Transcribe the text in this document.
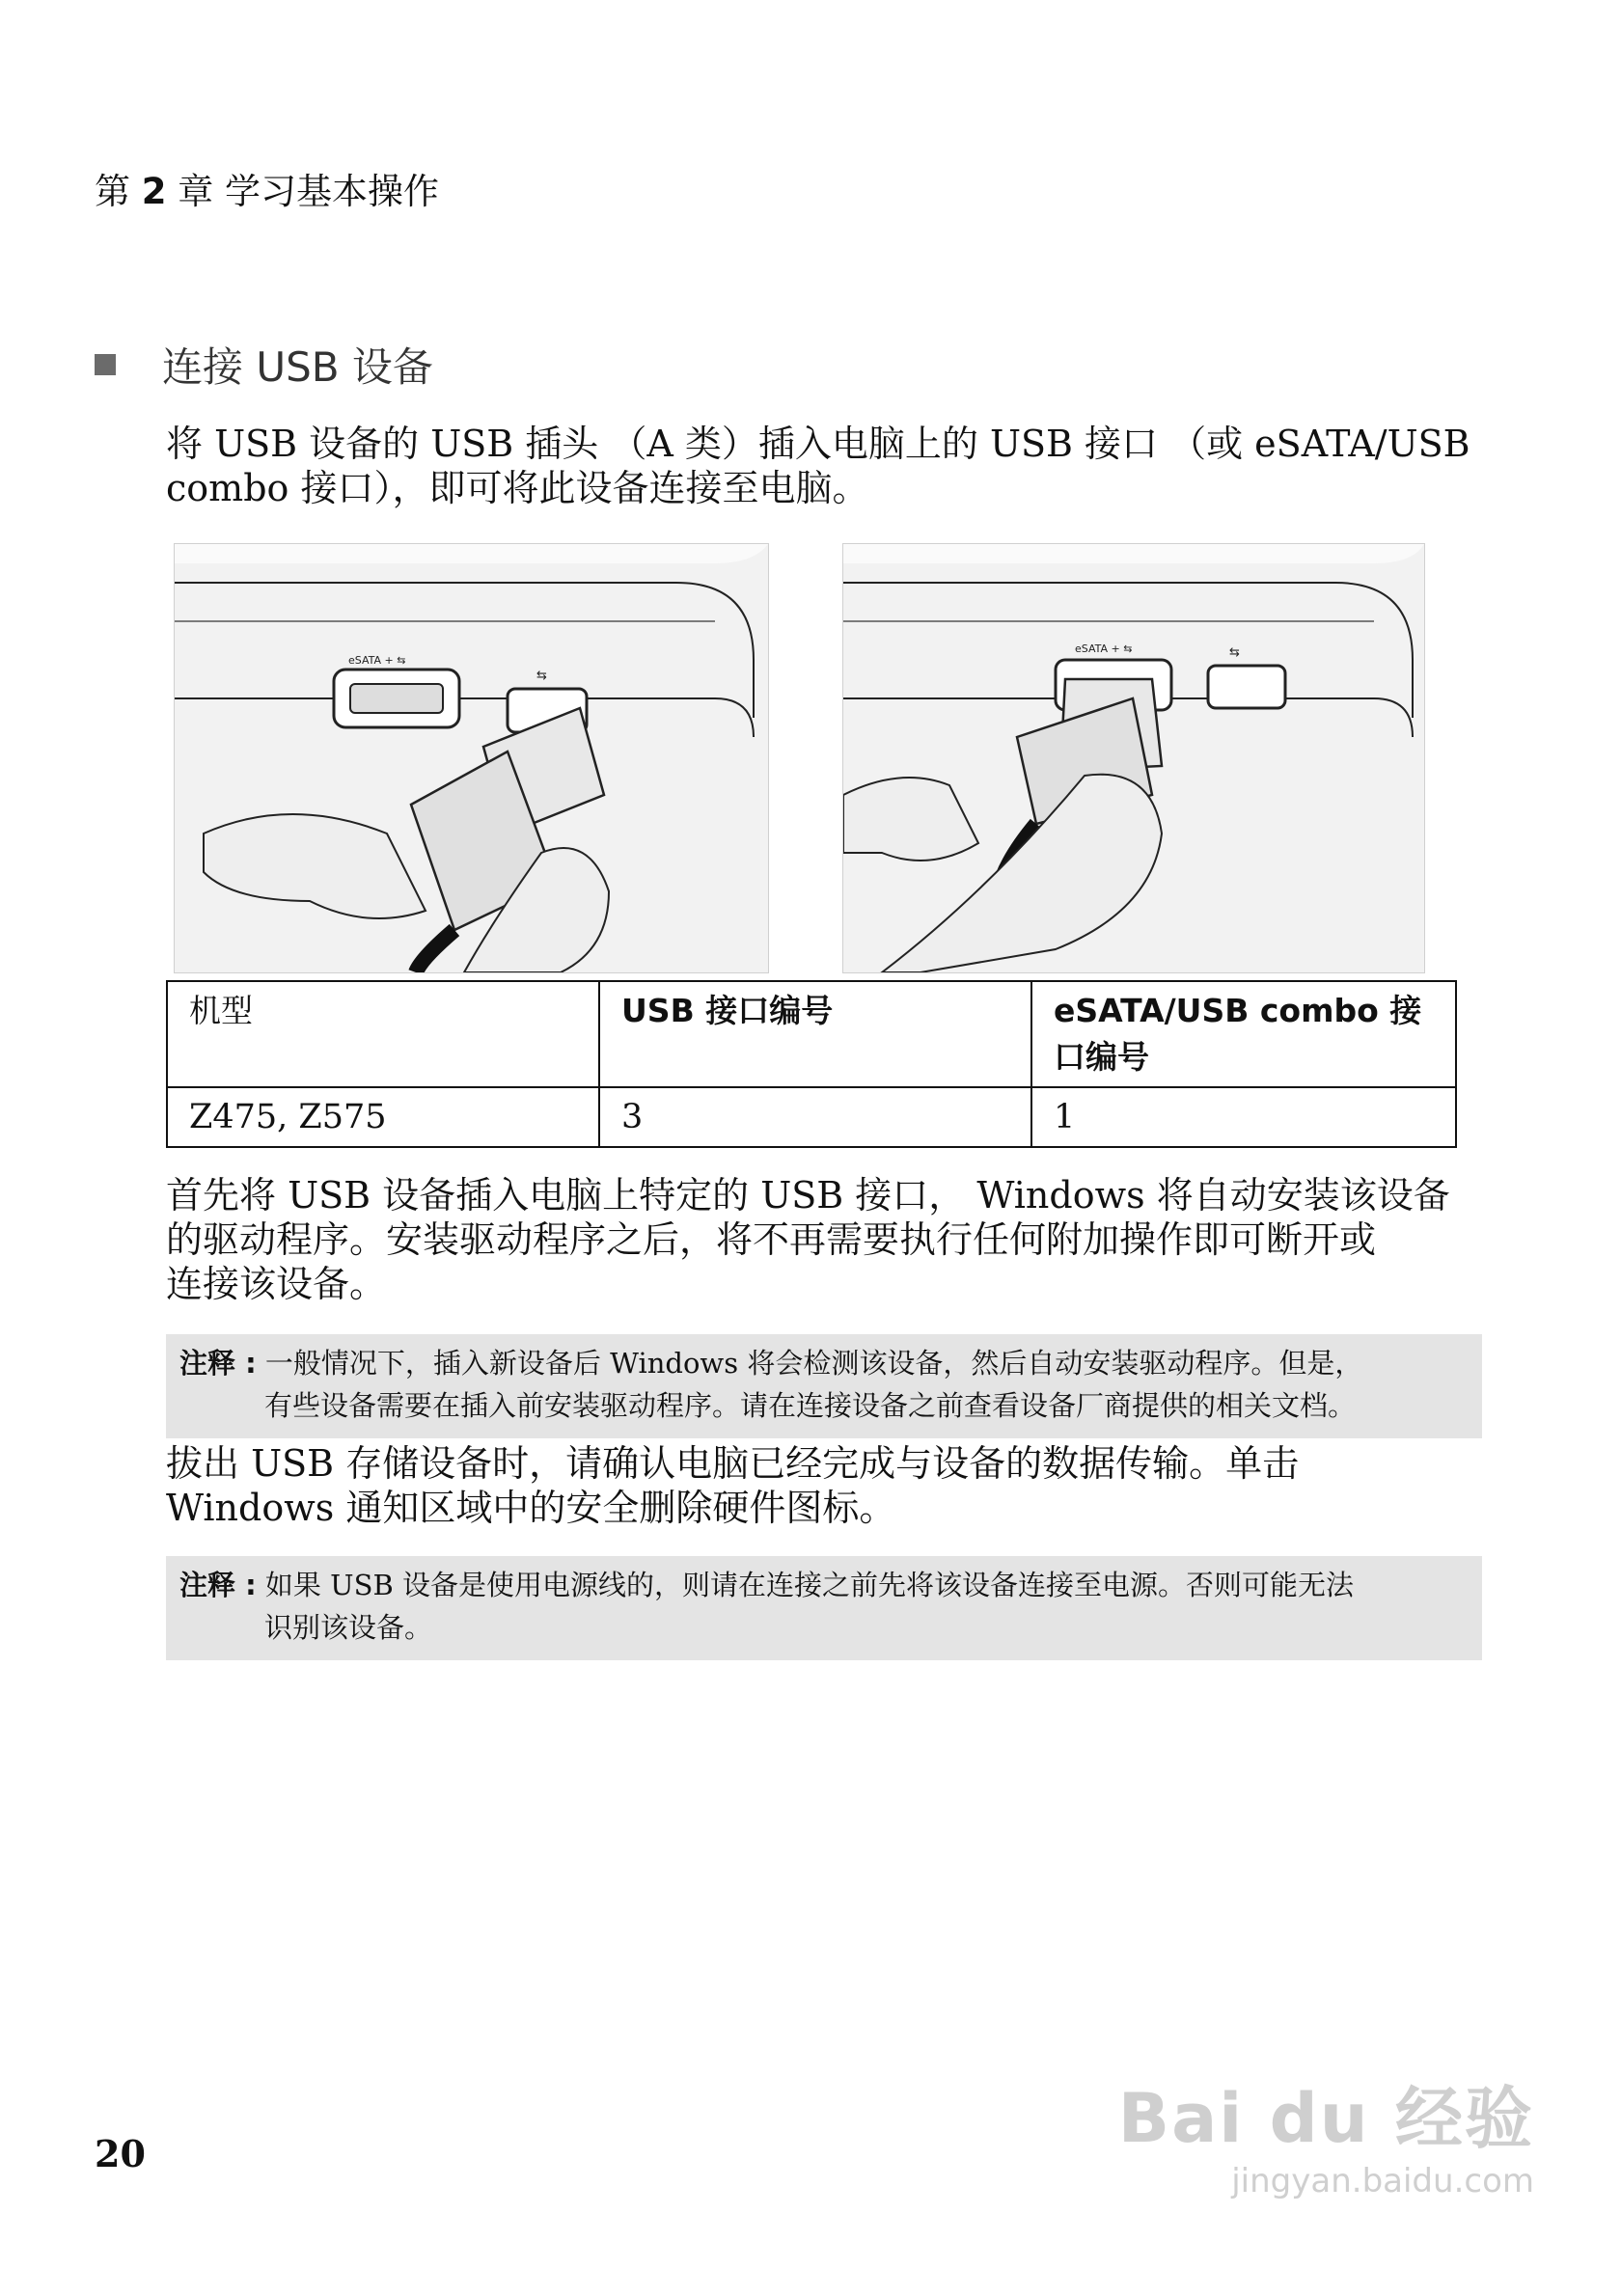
第 2 章 学习基本操作
连接 USB 设备
将 USB 设备的 USB 插头 （A 类）插入电脑上的 USB 接口 （或 eSATA/USB
combo 接口），即可将此设备连接至电脑。
eSATA + ⇆
⇆
eSATA + ⇆	⇆
机型	USB 接口编号	eSATA/USB combo 接
口编号
Z475, Z575	3	1
首先将 USB 设备插入电脑上特定的 USB 接口， Windows 将自动安装该设备
的驱动程序。安装驱动程序之后，将不再需要执行任何附加操作即可断开或
连接该设备。
注释 : 一般情况下，插入新设备后 Windows 将会检测该设备，然后自动安装驱动程序。但是，
有些设备需要在插入前安装驱动程序。请在连接设备之前查看设备厂商提供的相关文档。
拔出 USB 存储设备时，请确认电脑已经完成与设备的数据传输。单击
Windows 通知区域中的安全删除硬件图标。
注释 : 如果 USB 设备是使用电源线的，则请在连接之前先将该设备连接至电源。否则可能无法
识别该设备。
20	Bai du 经验
jingyan.baidu.com
